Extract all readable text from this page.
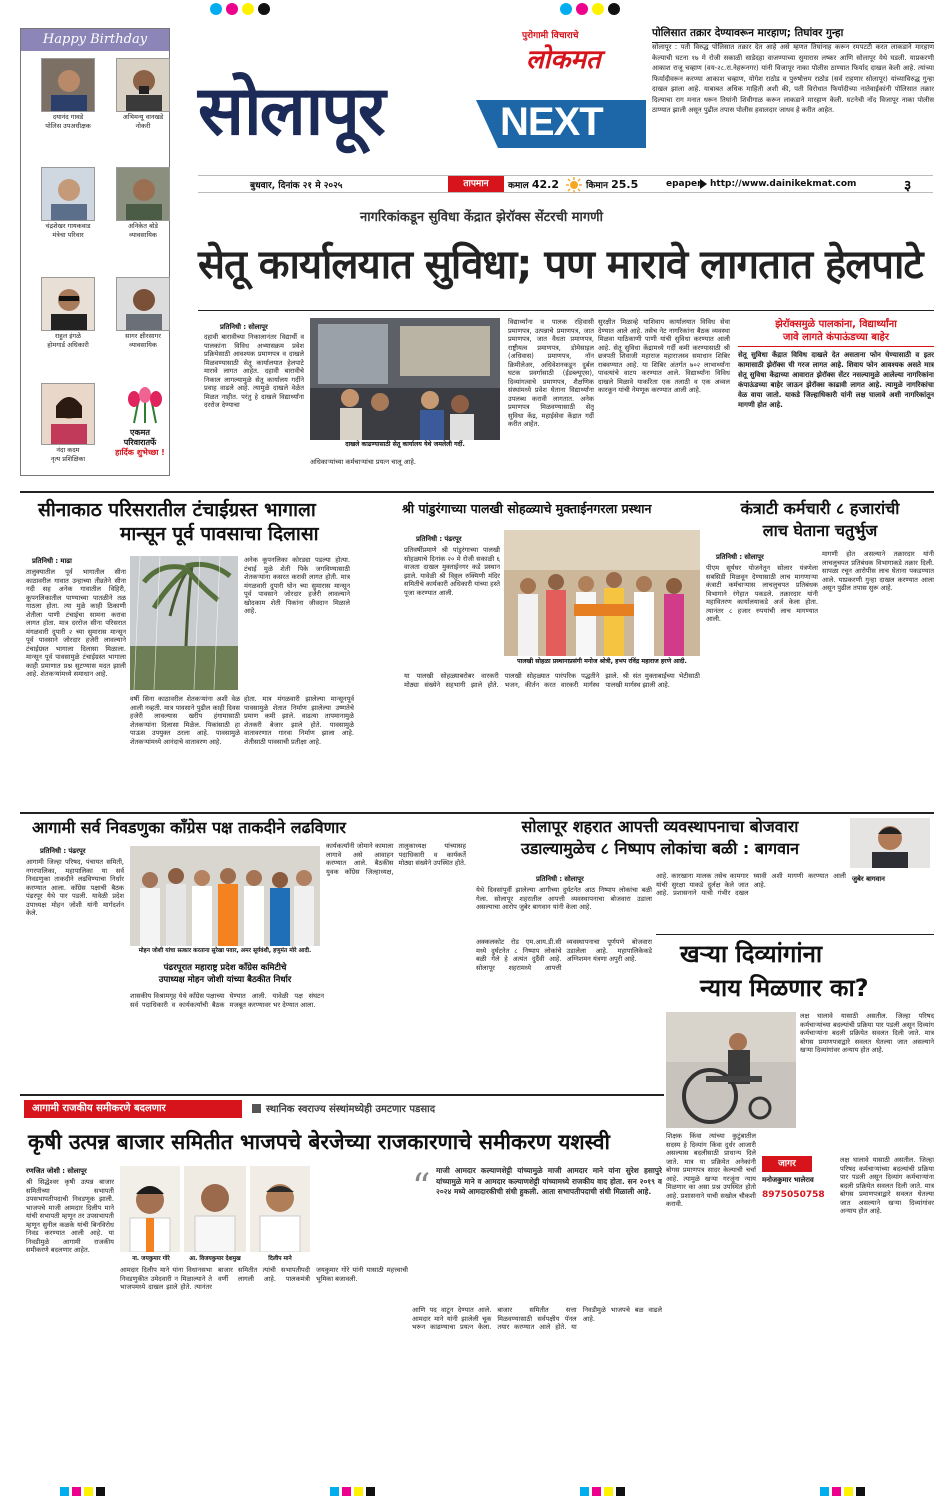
Happy Birthday
दयानंद गावडे
पोलिस उपअधीक्षक
अभिमन्यू वानखडे
नोकरी
चंद्रशेखर गायकवाड
मंत्रेचा परिवार
अनिकेत बोडे
व्यावसायिक
राहुल इंगळे
होमगार्ड अधिकारी
सागर क्षीरसागर
व्यावसायिक
नंदा कदम
नृत्य प्रशिक्षिका
एकमत
परिवारातर्फे
हार्दिक शुभेच्छा !
सोलापूर
पुरोगामी विचाराचे
लोकमत
NEXT
बुधवार, दिनांक २१ मे २०२५	तापमान	कमाल 42.2	किमान 25.5	epaper http://www.dainikekmat.com	३
पोलिसात तक्रार देण्यावरून मारहाण; तिघांवर गुन्हा
सोलापूर : पती विरुद्ध पोलिसात तक्रार देत आहे असे म्हणत तिघांनाह करून रमपटटी करत लाकडाने मारहाण केल्याची घटना १७ मे रोजी सकाळी साडेदहा वाजण्याच्या सुमारास लष्कर आणि सोलापूर येथे घडली. याप्रकरणी आकाश राजू चव्हाण (वय-२८.रा.नेहरूनगर) यांनी विजापूर नाका पोलीस ठाण्यात फिर्याद दाखल केली आहे. त्यांच्या फिर्यादीवरून करण्या आकाश चव्हाण, योगेश राठोड व पुरुषोत्तम राठोड (सर्व राहणार सोलापूर) यांच्याविरुद्ध गुन्हा दाखल झाला आहे. याबाबत अधिक माहिती अशी की, पती विरोधात फिर्यादीच्या नातेवाईकांनी पोलिसात तक्रार दिल्याचा राग मनात धरून तिघांनी शिवीगाळ करून लाकडाने मारहाण केली. घटनेची नोंद विजापूर नाका पोलीस ठाण्यात झाली असून पुढील तपास पोलीस हवालदार जाधव हे करीत आहेत.
नागरिकांकडून सुविधा केंद्रात झेरॉक्स सेंटरची मागणी
सेतू कार्यालयात सुविधा; पण मारावे लागतात हेलपाटे
प्रतिनिधी : सोलापूर
दहावी बारावीच्या निकालानंतर विद्यार्थी व पालकांना विविध अभ्यासक्रम प्रवेश प्रक्रियेसाठी आवश्यक प्रमाणपत्र व दाखले मिळवण्यासाठी सेतू कार्यालयात हेलपाटे मारावे लागत आहेत. दहावी बारावीचे निकाल लागल्यामुळे सेतू कार्यालय गर्दीने प्रवाह वाढले आहे. त्यामुळे दाखले वेळेत मिळत नाहीत. परंतु हे दाखले विद्यार्थ्यांना दररोज देण्याचा
दाखले काढण्यासाठी सेतू कार्यालय येथे जमलेली गर्दी.
अधिकाऱ्यांच्या कर्मचाऱ्यांचा प्रयत्न चालू आहे.
विद्यार्थ्यांना व पालक रहिवासी प्रमाणपत्र, उत्पन्नाचे प्रमाणपत्र, जात प्रमाणपत्र, जात वैधता प्रमाणपत्र, राष्ट्रीयत्व प्रमाणपत्र, डोमेसाइल (अधिवास) प्रमाणपत्र, नॉन क्रिमीलेअर, अधिवेशनकडून दुर्बल घटक प्रवर्गासाठी (ईडब्ल्यूएस), दिव्यांगत्वाचे प्रमाणपत्र, शैक्षणिक संस्थांमध्ये प्रवेश घेताना विद्यार्थ्यांना उपलब्ध करावी लागतात. अनेक प्रमाणपत्र मिळवण्यासाठी सेतू सुविधा केंद्र, महाईसेवा केंद्रात गर्दी करीत आहेत.
सुरक्षीत मिळाव्हे याशिवाय कार्यालयात विविध सेवा देण्यात आले आहे. तसेच नेट नागरिकांना बैठक व्यवस्था मिळवा याठिकाणी पाणी यांची सुविधा करण्यात आली आहे. सेतू सुविधा केंद्रामध्ये गर्दी कमी करण्यासाठी श्री छत्रपती शिवाजी महाराज महाराजस्व समाधान शिबिर राबवण्यात आहे. या शिबिर अंतर्गत ७०२ लाभार्थ्यांना पावत्यांचे वाटप करण्यात आले. विद्यार्थ्यांना विविध दाखले मिळावे याकरिता एक तलाठी व एक अव्वल कारकून यांची नेमणूक करण्यात आली आहे.
झेरॉक्समुळे पालकांना, विद्यार्थ्यांना
जावे लागते कंपाऊंडच्या बाहेर
सेतू सुविधा केंद्रात विविध दाखले देत असताना फोन घेण्यासाठी व इतर कामासाठी झेरॉक्स ची गरज लागत आहे. शिवाय फोन आवश्यक असते मात्र सेतू सुविधा केंद्राच्या आवारात झेरॉक्स सेंटर नसल्यामुळे आलेल्या नागरिकांना कंपाऊंडच्या बाहेर जाऊन झेरॉक्स काढावी लागत आहे. त्यामुळे नागरिकांचा वेळ वाया जातो. याकडे जिल्हाधिकारी यांनी लक्ष घालावे अशी नागरिकांतून मागणी होत आहे.
सीनाकाठ परिसरातील टंचाईग्रस्त भागाला
मान्सून पूर्व पावसाचा दिलासा
प्रतिनिधी : माढा
तालुक्यातील पूर्व भागातील सीना काठावरील गावात उन्हाच्या तीव्रतेने सीना नदी सह अनेक गावातील विहिरी, कूपनलिकातील पाण्याच्या पातळीने तळ गाठला होता. त्या मुळे काही ठिकाणी शेतीला पाणी टंचाईचा सामना करावा लागत होता. मात्र दररोज सीना परिसरात मंगळवारी दुपारी २ च्या सुमारास मान्सून पूर्व पावसाने जोरदार हजेरी लावल्याने टंचाईग्रस्त भागाला दिलासा मिळाला. मान्सून पूर्व पावसामुळे टंचाईग्रस्त भागाला काही प्रमाणात प्रश्न सुटण्यास मदत झाली आहे. शेतकऱ्यांमध्ये समाधान आहे.
अनेक कूपनलिका कोरड्या पडल्या होत्या. टंचाई मुळे शेती पिके जगविण्यासाठी शेतकऱ्यांना कसरत करावी लागत होती. मात्र मंगळवारी दुपारी घोन च्या सुमारास मान्सून पूर्व पावसाने जोरदार हजेरी लावल्याने खोदकाम शेती पिकांना जीवदान मिळाले आहे.
वर्षी सिना काठावरील शेतकऱ्यांना अशी वेळ आली नव्हती. मात्र पावसाने पुढील काही दिवस हजेरी लावल्यास खरीप हंगामासाठी शेतकऱ्यांना दिलासा मिळेल. पिकांसाठी हा पाऊस उपयुक्त ठरला आहे. पावसामुळे शेतकऱ्यांमध्ये आनंदाचे वातावरण आहे.
होता. मात्र मंगळवारी झालेल्या मान्सूनपूर्व पावसामुळे शेतात निर्माण झालेल्या उष्णतेचे प्रमाण कमी झाले. वाढत्या तापमानामुळे शेतकरी बेजार झाले होते. पावसामुळे वातावरणात गारवा निर्माण झाला आहे. शेतीसाठी पावसाची प्रतीक्षा आहे.
श्री पांडुरंगाच्या पालखी सोहळ्याचे मुक्ताईनगरला प्रस्थान
प्रतिनिधी : पंढरपूर
प्रतिवर्षीप्रमाणे श्री पांडुरंगाच्या पालखी सोहळ्याचे दिनांक २० मे रोजी सकाळी ६ वाजता दाखल मुक्ताईनगर कडे प्रस्थान झाले. यावेळी श्री विठ्ठल रुक्मिणी मंदिर समितीचे कार्यकारी अधिकारी यांच्या हस्ते पूजा करण्यात आली.
पालखी सोहळा प्रस्थानाप्रसंगी मनोज श्रोत्री, हभप रविंद्र महाराज हरणे आदी.
या पालखी सोहळ्याबरोबर वारकरी मोठ्या संख्येने सहभागी झाले होते. पालखी सोहळ्यात पारंपरिक पद्धतीने भजन, कीर्तन करत वारकरी मार्गस्थ झाले. श्री संत मुक्ताबाईंच्या भेटीसाठी पालखी मार्गस्थ झाली आहे.
कंत्राटी कर्मचारी ८ हजारांची
लाच घेताना चतुर्भुज
प्रतिनिधी : सोलापूर
पीएम सूर्यघर योजनेतून सोलार यंत्रणेला सबसिडी मिळवून देण्यासाठी लाच मागणाऱ्या कंत्राटी कर्मचाऱ्यास लाचलुचपत प्रतिबंधक विभागाने रंगेहात पकडले. तक्रारदार यांनी महावितरण कार्यालयाकडे अर्ज केला होता. त्यानंतर ८ हजार रुपयांची लाच मागण्यात आली.
मागणी होत असल्याने तक्रारदार यांनी लाचलुचपत प्रतिबंधक विभागाकडे तक्रार दिली. सापळा रचून आरोपीस लाच घेताना पकडण्यात आले. याप्रकरणी गुन्हा दाखल करण्यात आला असून पुढील तपास सुरू आहे.
आगामी सर्व निवडणुका काँग्रेस पक्ष ताकदीने लढविणार
प्रतिनिधी : पंढरपूर
आगामी जिल्हा परिषद, पंचायत समिती, नगरपालिका, महापालिका या सर्व निवडणुका ताकदीने लढविण्याचा निर्धार करण्यात आला. काँग्रेस पक्षाची बैठक पंढरपूर येथे पार पडली. यावेळी प्रदेश उपाध्यक्ष मोहन जोशी यांनी मार्गदर्शन केले.
मोहन जोशी यांचा सत्कार करताना सुरेखा पवार, अमर सूर्यवंशी, हणुमंत मोरे आदी.
पंढरपूरात महाराष्ट्र प्रदेश काँग्रेस कमिटीचे
उपाध्यक्ष मोहन जोशी यांच्या बैठकीत निर्धार
कार्यकर्त्यांनी जोमाने कामाला लागावे असे आवाहन करण्यात आले. बैठकीस युवक काँग्रेस जिल्हाध्यक्ष, तालुकाध्यक्ष यांच्यासह पदाधिकारी व कार्यकर्ते मोठ्या संख्येने उपस्थित होते.
शासकीय विश्रामगृह येथे काँग्रेस पक्षाच्या सर्व पदाधिकारी व कार्यकर्त्यांची बैठक घेण्यात आली. यावेळी पक्ष संघटन मजबूत करण्यावर भर देण्यात आला.
सोलापूर शहरात आपत्ती व्यवस्थापनाचा बोजवारा
उडाल्यामुळेच ८ निष्पाप लोकांचा बळी : बागवान
प्रतिनिधी : सोलापूर	जुबेर बागवान
येथे दिवसांपूर्वी झालेल्या आगीच्या दुर्घटनेत आठ निष्पाप लोकांचा बळी गेला. सोलापूर शहरातील आपत्ती व्यवस्थापनाचा बोजवारा उडाला असल्याचा आरोप जुबेर बागवान यांनी केला आहे.
अक्कलकोट रोड एम.आय.डी.सी मध्ये दुर्घटनेत ८ निष्पाप लोकांचे बळी गेले हे अत्यंत दुर्दैवी आहे. सोलापूर शहरामध्ये आपत्ती व्यवस्थापनाचा पूर्णपणे बोजवारा उडालेला आहे. महापालिकेकडे अग्निशमन यंत्रणा अपुरी आहे.
आहे. कारखाना मालक तसेच कामगार यांची सुरक्षा याकडे दुर्लक्ष केले जात आहे. प्रशासनाने याची गंभीर दखल घ्यावी अशी मागणी करण्यात आली आहे.
खऱ्या दिव्यांगांना
न्याय मिळणार का?
लक्ष घालावे यासाठी असतील. जिल्हा परिषद कर्मचाऱ्यांच्या बदल्यांची प्रक्रिया पार पडली असून दिव्यांग कर्मचाऱ्यांना बदली प्रक्रियेत सवलत दिली जाते. मात्र बोगस प्रमाणपत्राद्वारे सवलत घेतल्या जात असल्याने खऱ्या दिव्यांगांवर अन्याय होत आहे.
आगामी राजकीय समीकरणे बदलणार	स्थानिक स्वराज्य संस्थांमध्येही उमटणार पडसाद
कृषी उत्पन्न बाजार समितीत भाजपचे बेरजेच्या राजकारणाचे समीकरण यशस्वी
रणजित जोशी : सोलापूर
श्री सिद्धेश्वर कृषी उत्पन्न बाजार समितीच्या सभापती उपसभापतीपदाची निवडणूक झाली. भाजपचे माजी आमदार दिलीप माने यांची सभापती म्हणून तर उपसभापती म्हणून सुनील कळके यांची बिनविरोध निवड करण्यात आली आहे. या निवडीमुळे आगामी राजकीय समीकरणे बदलणार आहेत.
ना. जयकुमार गोरे	आ. विजयकुमार देशमुख	दिलीप माने
आमदार दिलीप माने यांना विधानसभा निवडणुकीत उमेदवारी न मिळाल्याने ते भाजपमध्ये दाखल झाले होते. त्यानंतर बाजार समितीत त्यांची सभापतीपदी वर्णी लागली आहे. पालकमंत्री जयकुमार गोरे यांनी यासाठी महत्त्वाची भूमिका बजावली.
“ माजी आमदार कल्याणशेट्टी यांच्यामुळे माजी आमदार माने यांना सुरेश हसापुरे यांच्यामुळे माने व आमदार कल्याणशेट्टी यांच्यामध्ये राजकीय वाद होता. सन २०१९ व २०२४ मध्ये आमदारकीची संधी हुकली. आता सभापतीपदाची संधी मिळाली आहे.
आणि पद वाटून देण्यात आले. आमदार माने यांनी झालेली चूक भरून काढण्याचा प्रयत्न केला. बाजार समितीत सत्ता मिळवण्यासाठी सर्वपक्षीय पॅनल तयार करण्यात आले होते. या निवडीमुळे भाजपचे बळ वाढले आहे.
शिक्षक किंवा त्यांच्या कुटुंबातील सदस्य हे दिव्यांग किंवा दुर्धर आजारी असल्यास बदलीसाठी प्राधान्य दिले जाते. मात्र या प्रक्रियेत अनेकांनी बोगस प्रमाणपत्र सादर केल्याची चर्चा आहे. त्यामुळे खऱ्या गरजूंना न्याय मिळणार का असा प्रश्न उपस्थित होतो आहे. प्रशासनाने याची सखोल चौकशी करावी.
जागर
मनोजकुमार भालेराव
8975050758
लक्ष घालावे यासाठी असतील. जिल्हा परिषद कर्मचाऱ्यांच्या बदल्यांची प्रक्रिया पार पडली असून दिव्यांग कर्मचाऱ्यांना बदली प्रक्रियेत सवलत दिली जाते. मात्र बोगस प्रमाणपत्राद्वारे सवलत घेतल्या जात असल्याने खऱ्या दिव्यांगांवर अन्याय होत आहे.
